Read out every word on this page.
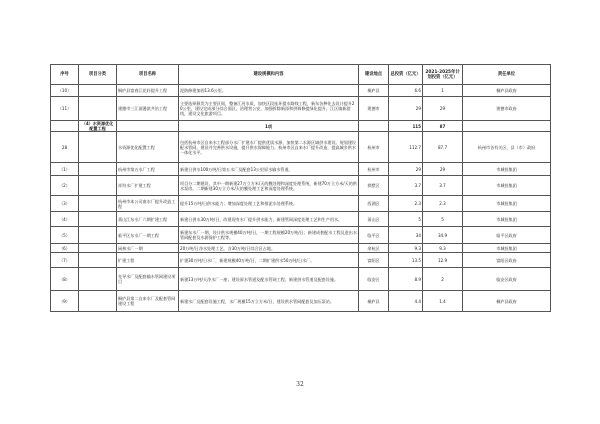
序号	项目分类	项目名称	建设规模和内容	建设地点	总投资（亿元）	2021-2025年计划投资（亿元）	责任单位
（10）		桐庐县富春江花轩提升工程	泥防修建加固13.6公里。	桐庐县	6.6	1	桐庐县政府
（11）		建德市三江面漫滨共治工程	主要选择源发为主要区间，整备江河水质，加快区段连环提水路线工程，新东各种化去设计提升20公里，建设完成部分综合面区，治理营公安，加强拆除新添和供调修提绿化提升，江区镇新游线，建设文化旅游项目。	建德市	29	29	建德市政府
	（4）水资源优化配置工程		1项		115	87	
28		水资源优化配置工程	包括杭州市区自来水工程部分水厂扩建水厂提供优质水源，加快第二水源区域供水建设。规划建设配水管网，建设并完善供水设施，提升供水保障能力。杭州市区自来水厂提升改造，提高城乡供水一体化水平。	杭州市	112.7	87.7	杭州市各有关区、县（市）政府
（1）		杭州市第五水厂工程	新建日供水100万吨/日第五水厂及配套13公里原水输水管道。	杭州市	29	29	市城投集团
（2）		祥符水厂扩建工程	项目分二期建设，其中一期新建27万立方米/天的膜处理和深度处理系统，新建70万立方米/天的供水泵房。二期新建30万立方米/天的膜处理工艺和深度处理系统。	拱墅区	3.7	3.7	市城投集团
（3）		杭州市本公司南水厂提升改造工程	提升15万吨/日供水能力；增加深度处理工艺和排泥水处理系统。	西湖区	2.3	2.3	市城投集团
（4）		萧山江东水厂六期扩建工程	新建日供水30万吨/日，改建现有水厂提升供水能力，新建管网深度处理工艺和生产用水。	萧山区	5	5	市城投集团
（5）		临平区东水厂一期工程	新建东水厂一期，设计供水规模40万吨/日，一期工程规模20万吨/日；新建成套配水工程及进出水管网配套及水源保护工程等。	临平区	34	34.9	临平区政府
（6）		闲林水厂一期	20万吨/日净水处理工艺，含30万吨/日综合区占地。	余杭区	9.3	9.3	市城投集团
（7）		扩建工程	扩建30万吨/日水厂，新建规模40万吨/日，二期扩建供水50万吨/日水厂。	富阳区	13.5	12.9	富阳区政府
（8）		先导水厂及配套输水管网建设项目	新建13万吨/天净水厂一座；建设原水管道及配水管网工程，新建供水管道及配套设施。	临安区	8.9	2	临安区政府
（9）		桐庐县第二自来水厂及配套管网建设工程	新建水厂及配套设施工程，水厂规模15万立方米/日，建设供水管网配套及加压泵站。	桐庐县	4.4	1.4	桐庐县政府
32
